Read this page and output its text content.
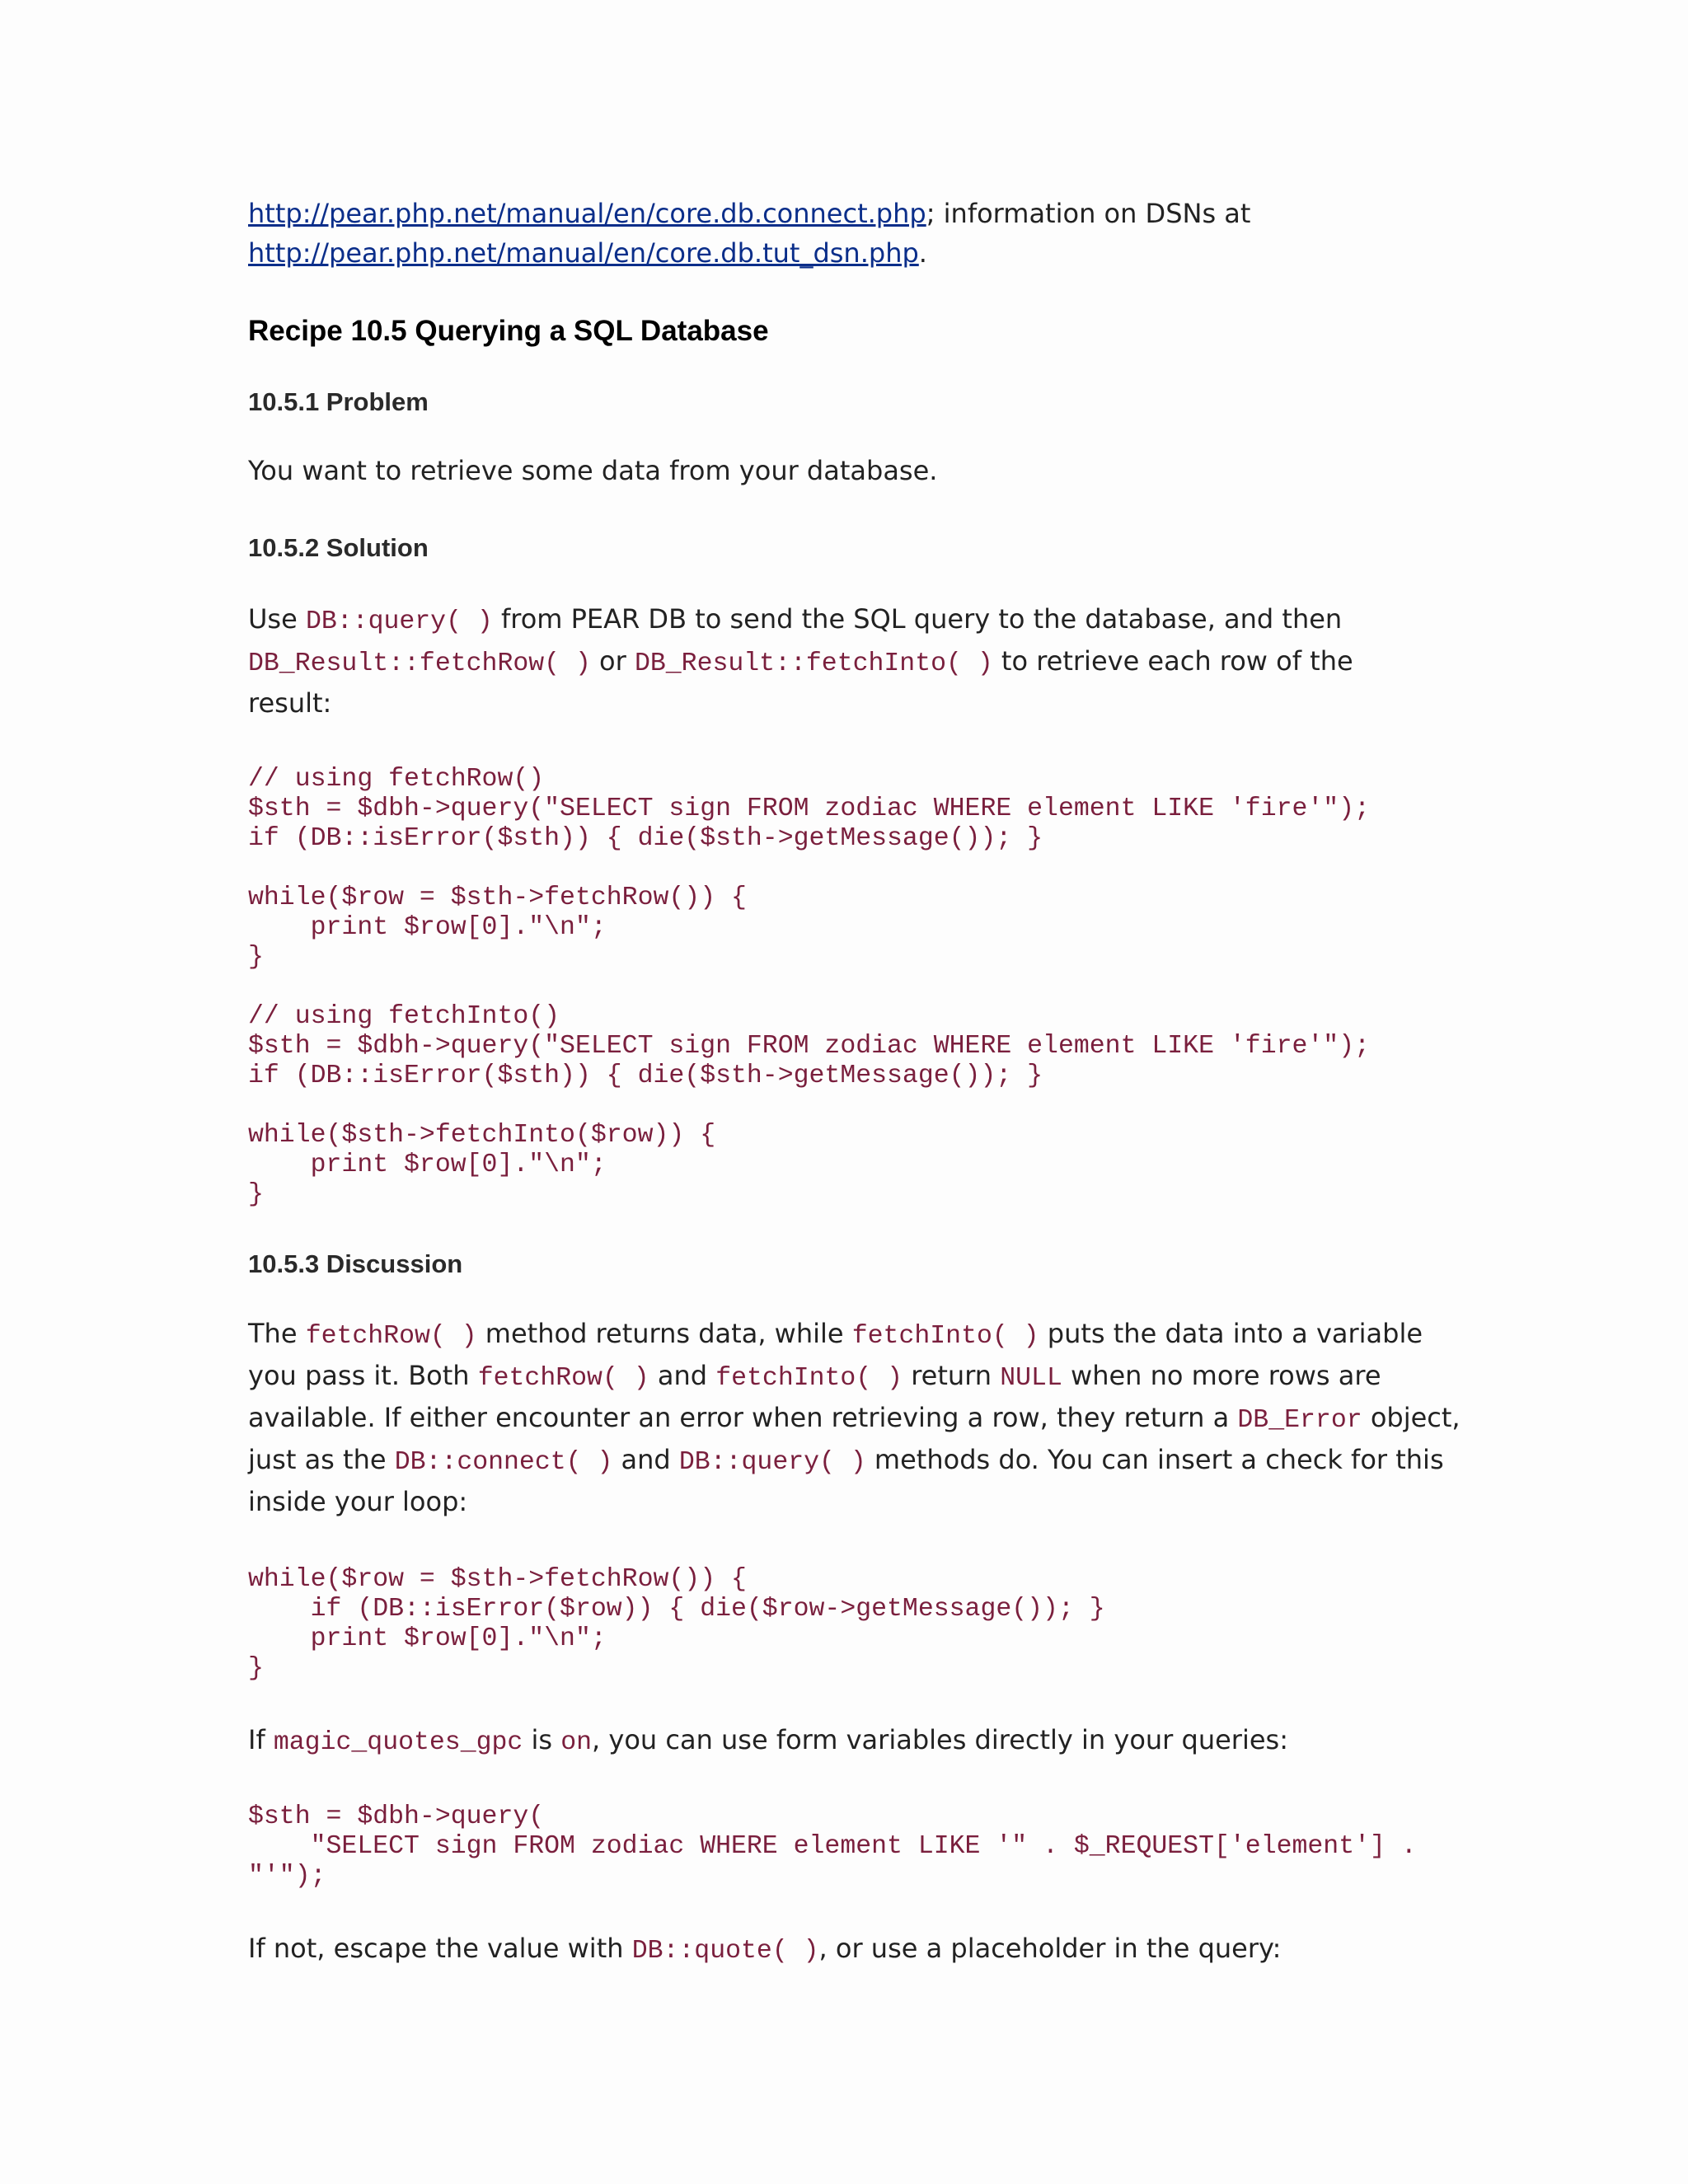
http://pear.php.net/manual/en/core.db.connect.php; information on DSNs at
http://pear.php.net/manual/en/core.db.tut_dsn.php.
Recipe 10.5 Querying a SQL Database
10.5.1 Problem
You want to retrieve some data from your database.
10.5.2 Solution
Use DB::query( ) from PEAR DB to send the SQL query to the database, and then
DB_Result::fetchRow( ) or DB_Result::fetchInto( ) to retrieve each row of the
result:
// using fetchRow()
$sth = $dbh->query("SELECT sign FROM zodiac WHERE element LIKE 'fire'");
if (DB::isError($sth)) { die($sth->getMessage()); }

while($row = $sth->fetchRow()) {
print $row[0]."\n";
}

// using fetchInto()
$sth = $dbh->query("SELECT sign FROM zodiac WHERE element LIKE 'fire'");
if (DB::isError($sth)) { die($sth->getMessage()); }

while($sth->fetchInto($row)) {
print $row[0]."\n";
}
10.5.3 Discussion
The fetchRow( ) method returns data, while fetchInto( ) puts the data into a variable
you pass it. Both fetchRow( ) and fetchInto( ) return NULL when no more rows are
available. If either encounter an error when retrieving a row, they return a DB_Error object,
just as the DB::connect( ) and DB::query( ) methods do. You can insert a check for this
inside your loop:
while($row = $sth->fetchRow()) {
if (DB::isError($row)) { die($row->getMessage()); }
print $row[0]."\n";
}
If magic_quotes_gpc is on, you can use form variables directly in your queries:
$sth = $dbh->query(
"SELECT sign FROM zodiac WHERE element LIKE '" . $_REQUEST['element'] .
"'");
If not, escape the value with DB::quote( ), or use a placeholder in the query:
